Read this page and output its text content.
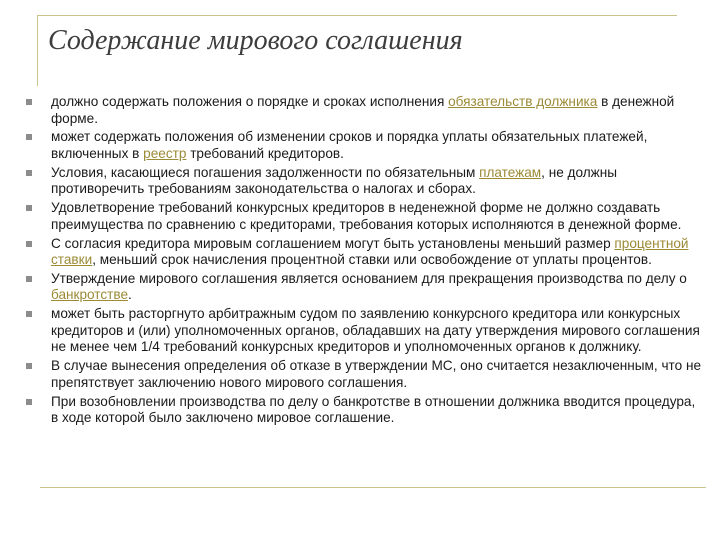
Содержание мирового соглашения
должно содержать положения о порядке и сроках исполнения обязательств должника в денежной форме.
может содержать положения об изменении сроков и порядка уплаты обязательных платежей, включенных в реестр требований кредиторов.
Условия, касающиеся погашения задолженности по обязательным платежам, не должны противоречить требованиям законодательства о налогах и сборах.
Удовлетворение требований конкурсных кредиторов в неденежной форме не должно создавать преимущества по сравнению с кредиторами, требования которых исполняются в денежной форме.
С согласия кредитора мировым соглашением могут быть установлены меньший размер процентной ставки, меньший срок начисления процентной ставки или освобождение от уплаты процентов.
Утверждение мирового соглашения является основанием для прекращения производства по делу о банкротстве.
может быть расторгнуто арбитражным судом по заявлению конкурсного кредитора или конкурсных кредиторов и (или) уполномоченных органов, обладавших на дату утверждения мирового соглашения не менее чем 1/4 требований конкурсных кредиторов и уполномоченных органов к должнику.
В случае вынесения определения об отказе в утверждении МС, оно считается незаключенным, что не препятствует заключению нового мирового соглашения.
При возобновлении производства по делу о банкротстве в отношении должника вводится процедура, в ходе которой было заключено мировое соглашение.
